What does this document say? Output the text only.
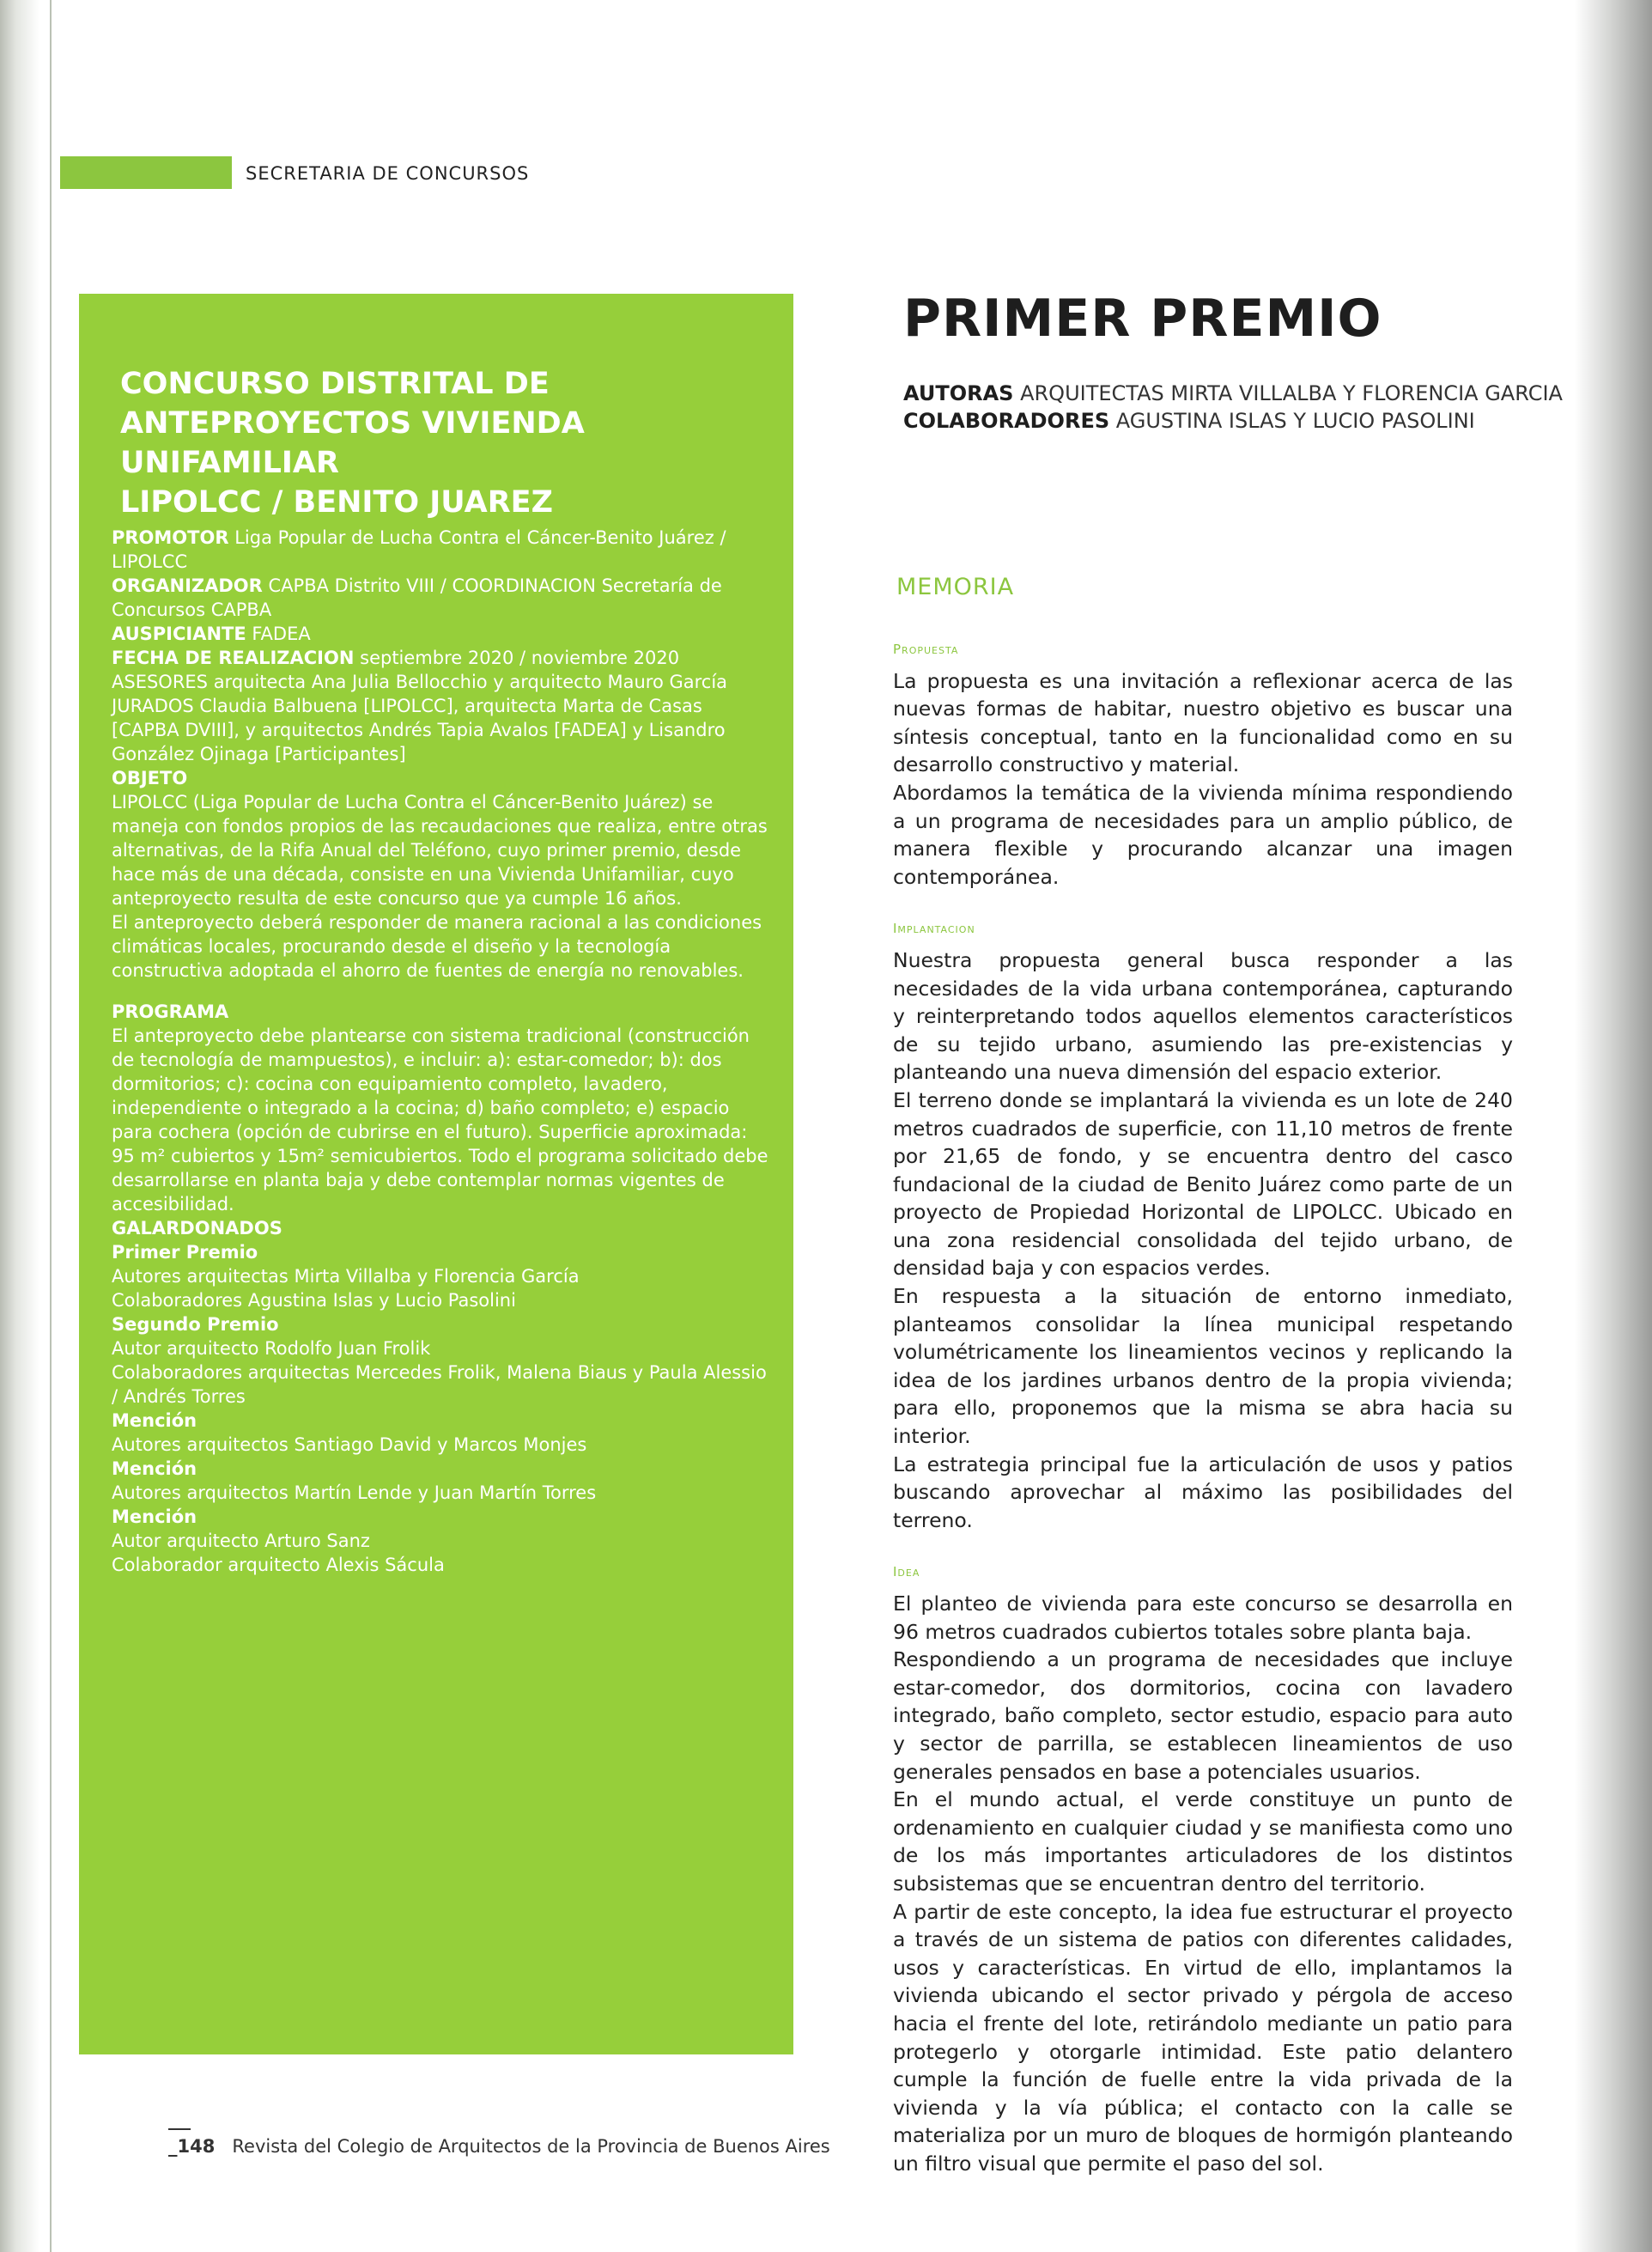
SECRETARIA DE CONCURSOS
CONCURSO DISTRITAL DE
ANTEPROYECTOS VIVIENDA UNIFAMILIAR
LIPOLCC / BENITO JUAREZ

PROMOTOR Liga Popular de Lucha Contra el Cáncer-Benito Juárez / LIPOLCC

ORGANIZADOR CAPBA Distrito VIII / COORDINACION Secretaría de Concursos CAPBA

AUSPICIANTE FADEA

FECHA DE REALIZACION septiembre 2020 / noviembre 2020

ASESORES arquitecta Ana Julia Bellocchio y arquitecto Mauro García

JURADOS Claudia Balbuena [LIPOLCC], arquitecta Marta de Casas [CAPBA DVIII], y arquitectos Andrés Tapia Avalos [FADEA] y Lisandro González Ojinaga [Participantes]

OBJETO

LIPOLCC (Liga Popular de Lucha Contra el Cáncer-Benito Juárez) se maneja con fondos propios de las recaudaciones que realiza, entre otras alternativas, de la Rifa Anual del Teléfono, cuyo primer premio, desde hace más de una década, consiste en una Vivienda Unifamiliar, cuyo anteproyecto resulta de este concurso que ya cumple 16 años.

El anteproyecto deberá responder de manera racional a las condiciones climáticas locales, procurando desde el diseño y la tecnología constructiva adoptada el ahorro de fuentes de energía no renovables.

PROGRAMA

El anteproyecto debe plantearse con sistema tradicional (construcción de tecnología de mampuestos), e incluir: a): estar-comedor; b): dos dormitorios; c): cocina con equipamiento completo, lavadero, independiente o integrado a la cocina; d) baño completo; e) espacio para cochera (opción de cubrirse en el futuro). Superficie aproximada: 95 m² cubiertos y 15m² semicubiertos. Todo el programa solicitado debe desarrollarse en planta baja y debe contemplar normas vigentes de accesibilidad.

GALARDONADOS

Primer Premio

Autores arquitectas Mirta Villalba y Florencia García

Colaboradores Agustina Islas y Lucio Pasolini

Segundo Premio

Autor arquitecto Rodolfo Juan Frolik

Colaboradores arquitectas Mercedes Frolik, Malena Biaus y Paula Alessio / Andrés Torres

Mención

Autores arquitectos Santiago David y Marcos Monjes

Mención

Autores arquitectos Martín Lende y Juan Martín Torres

Mención

Autor arquitecto Arturo Sanz

Colaborador arquitecto Alexis Sácula

PRIMER PREMIO
AUTORAS ARQUITECTAS MIRTA VILLALBA Y FLORENCIA GARCIA
COLABORADORES AGUSTINA ISLAS Y LUCIO PASOLINI
MEMORIA
Propuesta

La propuesta es una invitación a reflexionar acerca de las nuevas formas de habitar, nuestro objetivo es buscar una síntesis conceptual, tanto en la funcionalidad como en su desarrollo constructivo y material.

Abordamos la temática de la vivienda mínima respondiendo a un programa de necesidades para un amplio público, de manera flexible y procurando alcanzar una imagen contemporánea.

Implantacion

Nuestra propuesta general busca responder a las necesidades de la vida urbana contemporánea, capturando y reinterpretando todos aquellos elementos característicos de su tejido urbano, asumiendo las pre-existencias y planteando una nueva dimensión del espacio exterior.

El terreno donde se implantará la vivienda es un lote de 240 metros cuadrados de superficie, con 11,10 metros de frente por 21,65 de fondo, y se encuentra dentro del casco fundacional de la ciudad de Benito Juárez como parte de un proyecto de Propiedad Horizontal de LIPOLCC. Ubicado en una zona residencial consolidada del tejido urbano, de densidad baja y con espacios verdes.

En respuesta a la situación de entorno inmediato, planteamos consolidar la línea municipal respetando volumétricamente los lineamientos vecinos y replicando la idea de los jardines urbanos dentro de la propia vivienda; para ello, proponemos que la misma se abra hacia su interior.

La estrategia principal fue la articulación de usos y patios buscando aprovechar al máximo las posibilidades del terreno.

Idea

El planteo de vivienda para este concurso se desarrolla en 96 metros cuadrados cubiertos totales sobre planta baja.

Respondiendo a un programa de necesidades que incluye estar-comedor, dos dormitorios, cocina con lavadero integrado, baño completo, sector estudio, espacio para auto y sector de parrilla, se establecen lineamientos de uso generales pensados en base a potenciales usuarios.

En el mundo actual, el verde constituye un punto de ordenamiento en cualquier ciudad y se manifiesta como uno de los más importantes articuladores de los distintos subsistemas que se encuentran dentro del territorio.

A partir de este concepto, la idea fue estructurar el proyecto a través de un sistema de patios con diferentes calidades, usos y características. En virtud de ello, implantamos la vivienda ubicando el sector privado y pérgola de acceso hacia el frente del lote, retirándolo mediante un patio para protegerlo y otorgarle intimidad. Este patio delantero cumple la función de fuelle entre la vida privada de la vivienda y la vía pública; el contacto con la calle se materializa por un muro de bloques de hormigón planteando un filtro visual que permite el paso del sol.

_148 Revista del Colegio de Arquitectos de la Provincia de Buenos Aires
